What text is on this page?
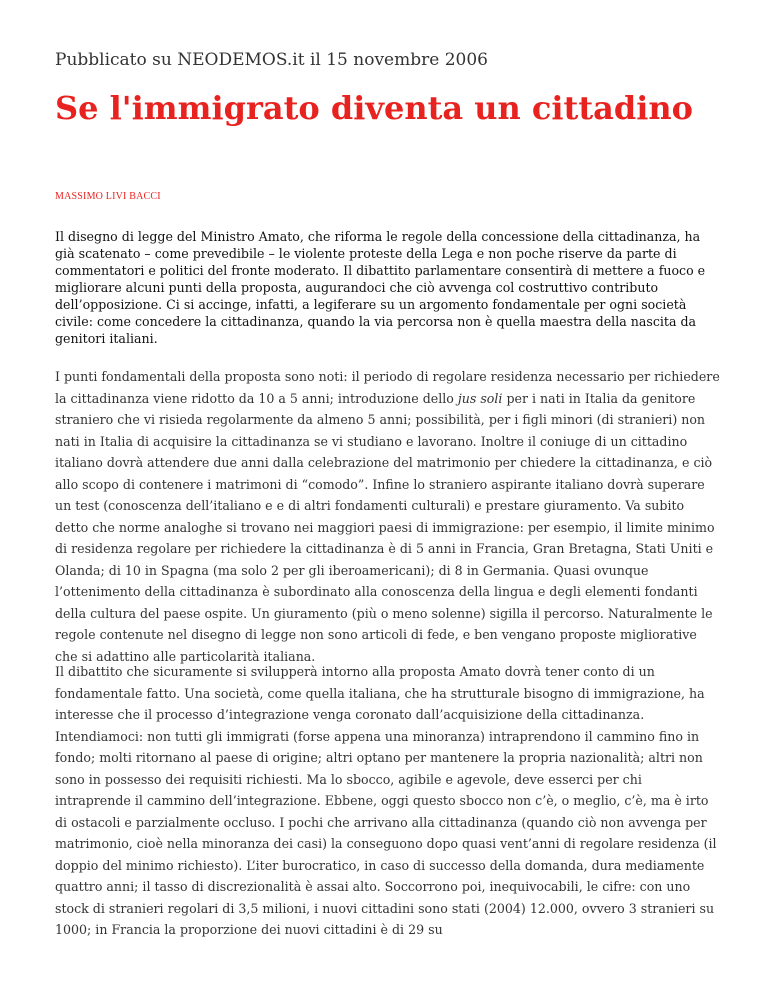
Pubblicato su NEODEMOS.it il 15 novembre 2006
Se l'immigrato diventa un cittadino
MASSIMO LIVI BACCI

Il disegno di legge del Ministro Amato, che riforma le regole della concessione della cittadinanza, ha già scatenato – come prevedibile – le violente proteste della Lega e non poche riserve da parte di commentatori e politici del fronte moderato. Il dibattito parlamentare consentirà di mettere a fuoco e migliorare alcuni punti della proposta, augurandoci che ciò avvenga col costruttivo contributo dell’opposizione. Ci si accinge, infatti, a legiferare su un argomento fondamentale per ogni società civile: come concedere la cittadinanza, quando la via percorsa non è quella maestra della nascita da genitori italiani.

I punti fondamentali della proposta sono noti: il periodo di regolare residenza necessario per richiedere la cittadinanza viene ridotto da 10 a 5 anni; introduzione dello jus soli per i nati in Italia da genitore straniero che vi risieda regolarmente da almeno 5 anni; possibilità, per i figli minori (di stranieri) non nati in Italia di acquisire la cittadinanza se vi studiano e lavorano. Inoltre il coniuge di un cittadino italiano dovrà attendere due anni dalla celebrazione del matrimonio per chiedere la cittadinanza, e ciò allo scopo di contenere i matrimoni di “comodo”. Infine lo straniero aspirante italiano dovrà superare un test (conoscenza dell’italiano e e di altri fondamenti culturali) e prestare giuramento. Va subito detto che norme analoghe si trovano nei maggiori paesi di immigrazione: per esempio, il limite minimo di residenza regolare per richiedere la cittadinanza è di 5 anni in Francia, Gran Bretagna, Stati Uniti e Olanda; di 10 in Spagna (ma solo 2 per gli iberoamericani); di 8 in Germania. Quasi ovunque l’ottenimento della cittadinanza è subordinato alla conoscenza della lingua e degli elementi fondanti della cultura del paese ospite. Un giuramento (più o meno solenne) sigilla il percorso. Naturalmente le regole contenute nel disegno di legge non sono articoli di fede, e ben vengano proposte migliorative che si adattino alle particolarità italiana.

Il dibattito che sicuramente si svilupperà intorno alla proposta Amato dovrà tener conto di un fondamentale fatto. Una società, come quella italiana, che ha strutturale bisogno di immigrazione, ha interesse che il processo d’integrazione venga coronato dall’acquisizione della cittadinanza. Intendiamoci: non tutti gli immigrati (forse appena una minoranza) intraprendono il cammino fino in fondo; molti ritornano al paese di origine; altri optano per mantenere la propria nazionalità; altri non sono in possesso dei requisiti richiesti. Ma lo sbocco, agibile e agevole, deve esserci per chi intraprende il cammino dell’integrazione. Ebbene, oggi questo sbocco non c’è, o meglio, c’è, ma è irto di ostacoli e parzialmente occluso. I pochi che arrivano alla cittadinanza (quando ciò non avvenga per matrimonio, cioè nella minoranza dei casi) la conseguono dopo quasi vent’anni di regolare residenza (il doppio del minimo richiesto). L’iter burocratico, in caso di successo della domanda, dura mediamente quattro anni; il tasso di discrezionalità è assai alto. Soccorrono poi, inequivocabili, le cifre: con uno stock di stranieri regolari di 3,5 milioni, i nuovi cittadini sono stati (2004) 12.000, ovvero 3 stranieri su 1000; in Francia la proporzione dei nuovi cittadini è di 29 su
